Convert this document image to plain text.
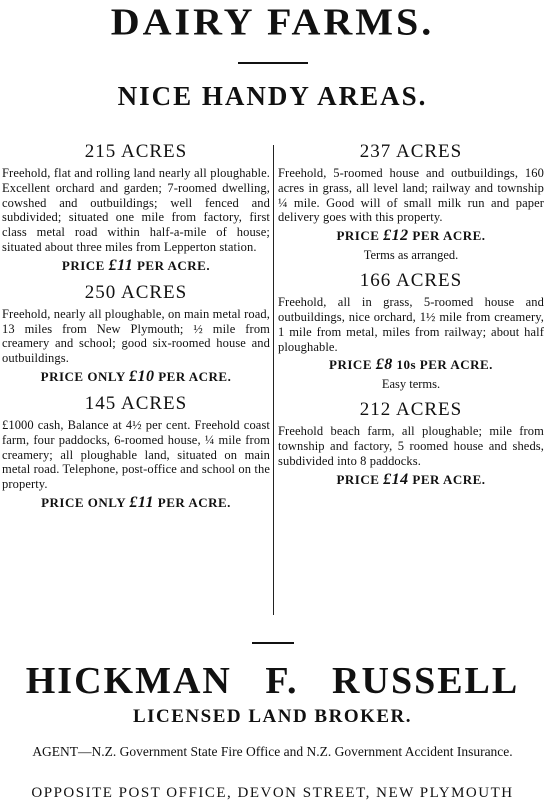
DAIRY FARMS.
NICE HANDY AREAS.
215 ACRES
Freehold, flat and rolling land nearly all ploughable. Excellent orchard and garden; 7-roomed dwelling, cowshed and outbuildings; well fenced and subdivided; situated one mile from factory, first class metal road within half-a-mile of house; situated about three miles from Lepperton station.
PRICE £11 PER ACRE.
250 ACRES
Freehold, nearly all ploughable, on main metal road, 13 miles from New Plymouth; ½ mile from creamery and school; good six-roomed house and outbuildings.
PRICE ONLY £10 PER ACRE.
145 ACRES
£1000 cash, Balance at 4½ per cent. Freehold coast farm, four paddocks, 6-roomed house, ¼ mile from creamery; all ploughable land, situated on main metal road. Telephone, post-office and school on the property.
PRICE ONLY £11 PER ACRE.
237 ACRES
Freehold, 5-roomed house and outbuildings, 160 acres in grass, all level land; railway and township ¼ mile. Good will of small milk run and paper delivery goes with this property.
PRICE £12 PER ACRE.
Terms as arranged.
166 ACRES
Freehold, all in grass, 5-roomed house and outbuildings, nice orchard, 1½ mile from creamery, 1 mile from metal, miles from railway; about half ploughable.
PRICE £8 10s PER ACRE.
Easy terms.
212 ACRES
Freehold beach farm, all ploughable; mile from township and factory, 5 roomed house and sheds, subdivided into 8 paddocks.
PRICE £14 PER ACRE.
HICKMAN F. RUSSELL
LICENSED LAND BROKER.
AGENT—N.Z. Government State Fire Office and N.Z. Government Accident Insurance.
OPPOSITE POST OFFICE, DEVON STREET, NEW PLYMOUTH
